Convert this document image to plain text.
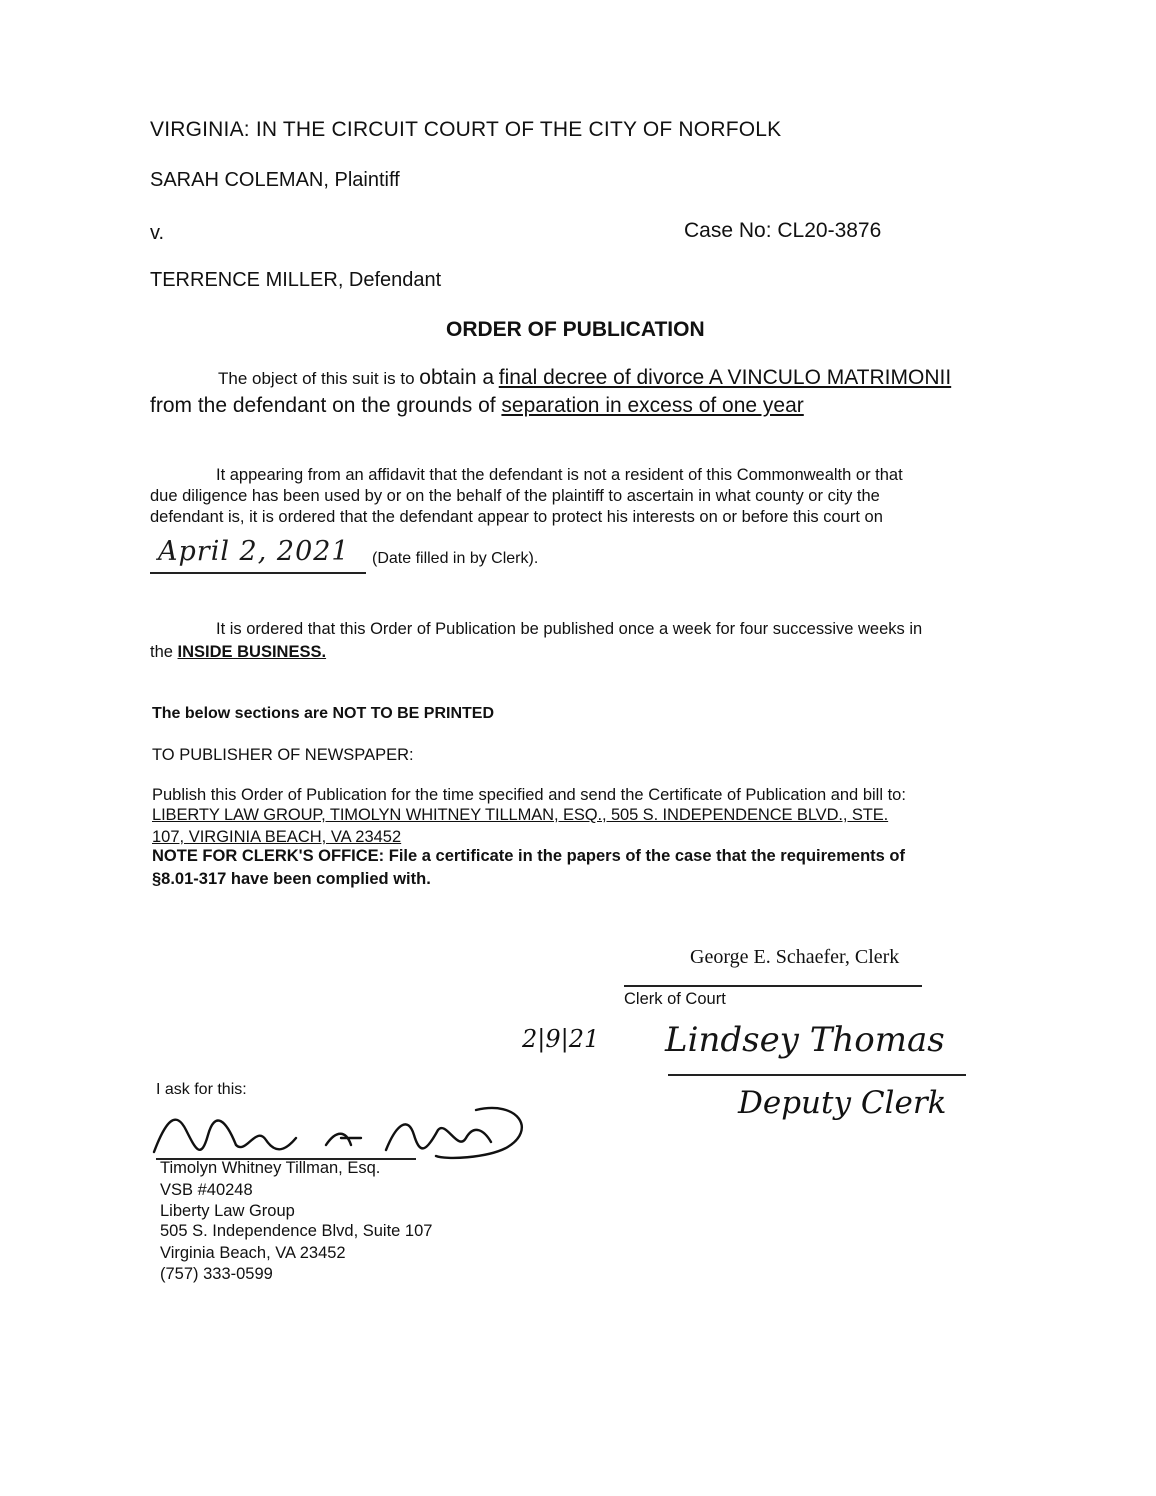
VIRGINIA: IN THE CIRCUIT COURT OF THE CITY OF NORFOLK
SARAH COLEMAN, Plaintiff
v.	Case No: CL20-3876
TERRENCE MILLER, Defendant
ORDER OF PUBLICATION
The object of this suit is to obtain a final decree of divorce A VINCULO MATRIMONII
from the defendant on the grounds of separation in excess of one year
It appearing from an affidavit that the defendant is not a resident of this Commonwealth or that
due diligence has been used by or on the behalf of the plaintiff to ascertain in what county or city the
defendant is, it is ordered that the defendant appear to protect his interests on or before this court on
April 2, 2021 (Date filled in by Clerk).
It is ordered that this Order of Publication be published once a week for four successive weeks in
the INSIDE BUSINESS.
The below sections are NOT TO BE PRINTED
TO PUBLISHER OF NEWSPAPER:
Publish this Order of Publication for the time specified and send the Certificate of Publication and bill to:
LIBERTY LAW GROUP, TIMOLYN WHITNEY TILLMAN, ESQ., 505 S. INDEPENDENCE BLVD., STE.
107, VIRGINIA BEACH, VA 23452
NOTE FOR CLERK'S OFFICE: File a certificate in the papers of the case that the requirements of
§8.01-317 have been complied with.
George E. Schaefer, Clerk
Clerk of Court
2|9|21 Lindsey Thomas
Deputy Clerk
I ask for this:
Timolyn Whitney Tillman, Esq.
VSB #40248
Liberty Law Group
505 S. Independence Blvd, Suite 107
Virginia Beach, VA 23452
(757) 333-0599
